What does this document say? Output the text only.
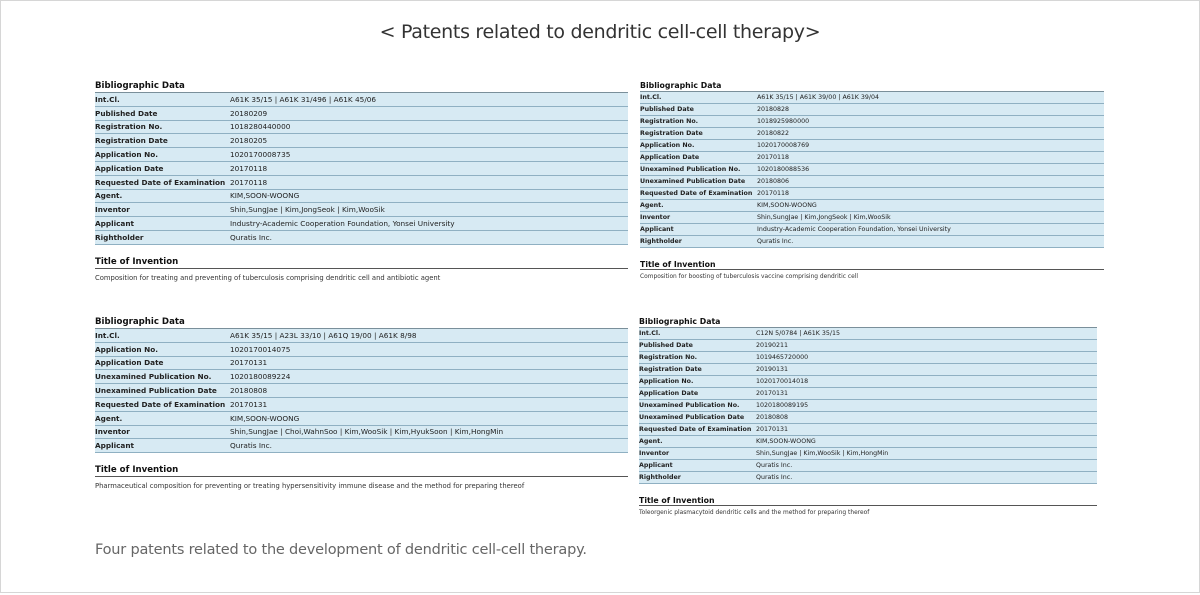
< Patents related to dendritic cell-cell therapy>
Bibliographic Data
Int.Cl.	A61K 35/15 | A61K 31/496 | A61K 45/06
Published Date	20180209
Registration No.	1018280440000
Registration Date	20180205
Application No.	1020170008735
Application Date	20170118
Requested Date of Examination 20170118
Agent.	KIM,SOON-WOONG
Inventor	Shin,SungJae | Kim,JongSeok | Kim,WooSik
Applicant	Industry-Academic Cooperation Foundation, Yonsei University
Rightholder	Quratis Inc.
Title of Invention
Composition for treating and preventing of tuberculosis comprising dendritic cell and antibiotic agent
Bibliographic Data
Int.Cl.	A61K 35/15 | A61K 39/00 | A61K 39/04
Published Date	20180828
Registration No.	1018925980000
Registration Date	20180822
Application No.	1020170008769
Application Date	20170118
Unexamined Publication No.	1020180088536
Unexamined Publication Date	20180806
Requested Date of Examination 20170118
Agent.	KIM,SOON-WOONG
Inventor	Shin,SungJae | Kim,JongSeok | Kim,WooSik
Applicant	Industry-Academic Cooperation Foundation, Yonsei University
Rightholder	Quratis Inc.
Title of Invention
Composition for boosting of tuberculosis vaccine comprising dendritic cell
Bibliographic Data
Int.Cl.	A61K 35/15 | A23L 33/10 | A61Q 19/00 | A61K 8/98
Application No.	1020170014075
Application Date	20170131
Unexamined Publication No.	1020180089224
Unexamined Publication Date	20180808
Requested Date of Examination 20170131
Agent.	KIM,SOON-WOONG
Inventor	Shin,SungJae | Choi,WahnSoo | Kim,WooSik | Kim,HyukSoon | Kim,HongMin
Applicant	Quratis Inc.
Title of Invention
Pharmaceutical composition for preventing or treating hypersensitivity immune disease and the method for preparing thereof
Bibliographic Data
Int.Cl.	C12N 5/0784 | A61K 35/15
Published Date	20190211
Registration No.	1019465720000
Registration Date	20190131
Application No.	1020170014018
Application Date	20170131
Unexamined Publication No.	1020180089195
Unexamined Publication Date	20180808
Requested Date of Examination 20170131
Agent.	KIM,SOON-WOONG
Inventor	Shin,SungJae | Kim,WooSik | Kim,HongMin
Applicant	Quratis Inc.
Rightholder	Quratis Inc.
Title of Invention
Toleorgenic plasmacytoid dendritic cells and the method for preparing thereof
Four patents related to the development of dendritic cell-cell therapy.
